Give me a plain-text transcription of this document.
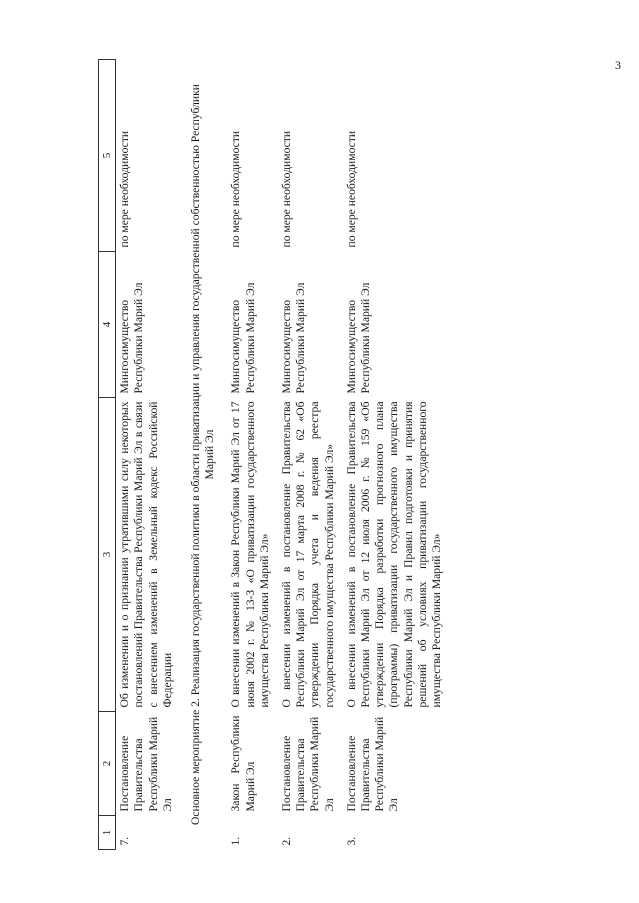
3
1	2	3	4	5
7.	Постановление Правительства Республики Марий Эл	Об изменении и о признании утратившими силу некоторых постановлений Правительства Республики Марий Эл в связи с внесением изменений в Земельный кодекс Российской Федерации	Мингосимущество Республики Марий Эл	по мере необходимости
Основное мероприятие 2. Реализация государственной политики в области приватизации и управления государственной собственностью Республики Марий Эл				
1.	Закон Республики Марий Эл	О внесении изменений в Закон Республики Марий Эл от 17 июня 2002 г. № 13-З «О приватизации государственного имущества Республики Марий Эл»	Мингосимущество Республики Марий Эл	по мере необходимости
2.	Постановление Правительства Республики Марий Эл	О внесении изменений в постановление Правительства Республики Марий Эл от 17 марта 2008 г. № 62 «Об утверждении Порядка учета и ведения реестра государственного имущества Республики Марий Эл»	Мингосимущество Республики Марий Эл	по мере необходимости
3.	Постановление Правительства Республики Марий Эл	О внесении изменений в постановление Правительства Республики Марий Эл от 12 июля 2006 г. № 159 «Об утверждении Порядка разработки прогнозного плана (программы) приватизации государственного имущества Республики Марий Эл и Правил подготовки и принятия решений об условиях приватизации государственного имущества Республики Марий Эл»	Мингосимущество Республики Марий Эл	по мере необходимости
